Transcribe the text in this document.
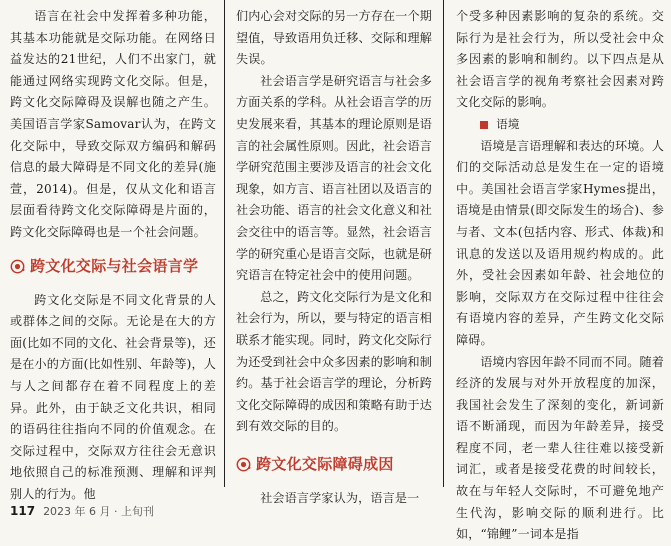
语言在社会中发挥着多种功能，其基本功能就是交际功能。在网络日益发达的21世纪，人们不出家门，就能通过网络实现跨文化交际。但是，跨文化交际障碍及误解也随之产生。美国语言学家Samovar认为，在跨文化交际中，导致交际双方编码和解码信息的最大障碍是不同文化的差异(施萱，2014)。但是，仅从文化和语言层面看待跨文化交际障碍是片面的，跨文化交际障碍也是一个社会问题。

跨文化交际与社会语言学

跨文化交际是不同文化背景的人或群体之间的交际。无论是在大的方面(比如不同的文化、社会背景等)，还是在小的方面(比如性别、年龄等)，人与人之间都存在着不同程度上的差异。此外，由于缺乏文化共识，相同的语码往往指向不同的价值观念。在交际过程中，交际双方往往会无意识地依照自己的标准预测、理解和评判别人的行为。他

们内心会对交际的另一方存在一个期望值，导致语用负迁移、交际和理解失误。

社会语言学是研究语言与社会多方面关系的学科。从社会语言学的历史发展来看，其基本的理论原则是语言的社会属性原则。因此，社会语言学研究范围主要涉及语言的社会文化现象，如方言、语言社团以及语言的社会功能、语言的社会文化意义和社会交往中的语言等。显然，社会语言学的研究重心是语言交际，也就是研究语言在特定社会中的使用问题。

总之，跨文化交际行为是文化和社会行为，所以，要与特定的语言相联系才能实现。同时，跨文化交际行为还受到社会中众多因素的影响和制约。基于社会语言学的理论，分析跨文化交际障碍的成因和策略有助于达到有效交际的目的。

跨文化交际障碍成因

社会语言学家认为，语言是一

个受多种因素影响的复杂的系统。交际行为是社会行为，所以受社会中众多因素的影响和制约。以下四点是从社会语言学的视角考察社会因素对跨文化交际的影响。

语境

语境是言语理解和表达的环境。人们的交际活动总是发生在一定的语境中。美国社会语言学家Hymes提出，语境是由情景(即交际发生的场合)、参与者、文本(包括内容、形式、体裁)和讯息的发送以及语用规约构成的。此外，受社会因素如年龄、社会地位的影响，交际双方在交际过程中往往会有语境内容的差异，产生跨文化交际障碍。

语境内容因年龄不同而不同。随着经济的发展与对外开放程度的加深，我国社会发生了深刻的变化，新词新语不断涌现，而因为年龄差异，接受程度不同，老一辈人往往难以接受新词汇，或者是接受花费的时间较长，故在与年轻人交际时，不可避免地产生代沟，影响交际的顺利进行。比如，“锦鲤”一词本是指

117 2023 年 6 月 · 上旬刊
